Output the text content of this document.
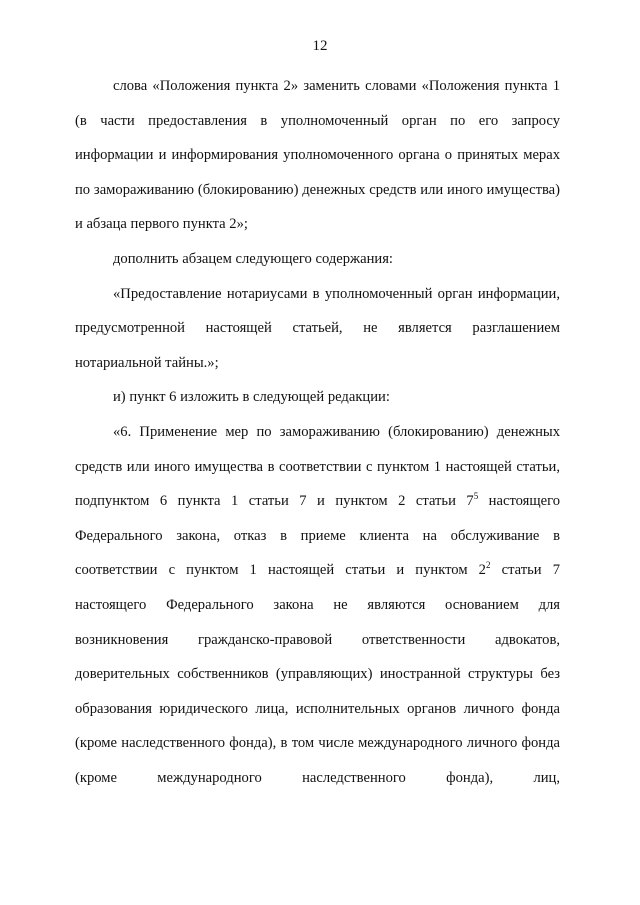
12

слова «Положения пункта 2» заменить словами «Положения пункта 1 (в части предоставления в уполномоченный орган по его запросу информации и информирования уполномоченного органа о принятых мерах по замораживанию (блокированию) денежных средств или иного имущества) и абзаца первого пункта 2»;

дополнить абзацем следующего содержания:

«Предоставление нотариусами в уполномоченный орган информации, предусмотренной настоящей статьей, не является разглашением нотариальной тайны.»;

и) пункт 6 изложить в следующей редакции:

«6. Применение мер по замораживанию (блокированию) денежных средств или иного имущества в соответствии с пунктом 1 настоящей статьи, подпунктом 6 пункта 1 статьи 7 и пунктом 2 статьи $7^5$ настоящего Федерального закона, отказ в приеме клиента на обслуживание в соответствии с пунктом 1 настоящей статьи и пунктом $2^2$ статьи 7 настоящего Федерального закона не являются основанием для возникновения гражданско-правовой ответственности адвокатов, доверительных собственников (управляющих) иностранной структуры без образования юридического лица, исполнительных органов личного фонда (кроме наследственного фонда), в том числе международного личного фонда (кроме международного наследственного фонда), лиц,
